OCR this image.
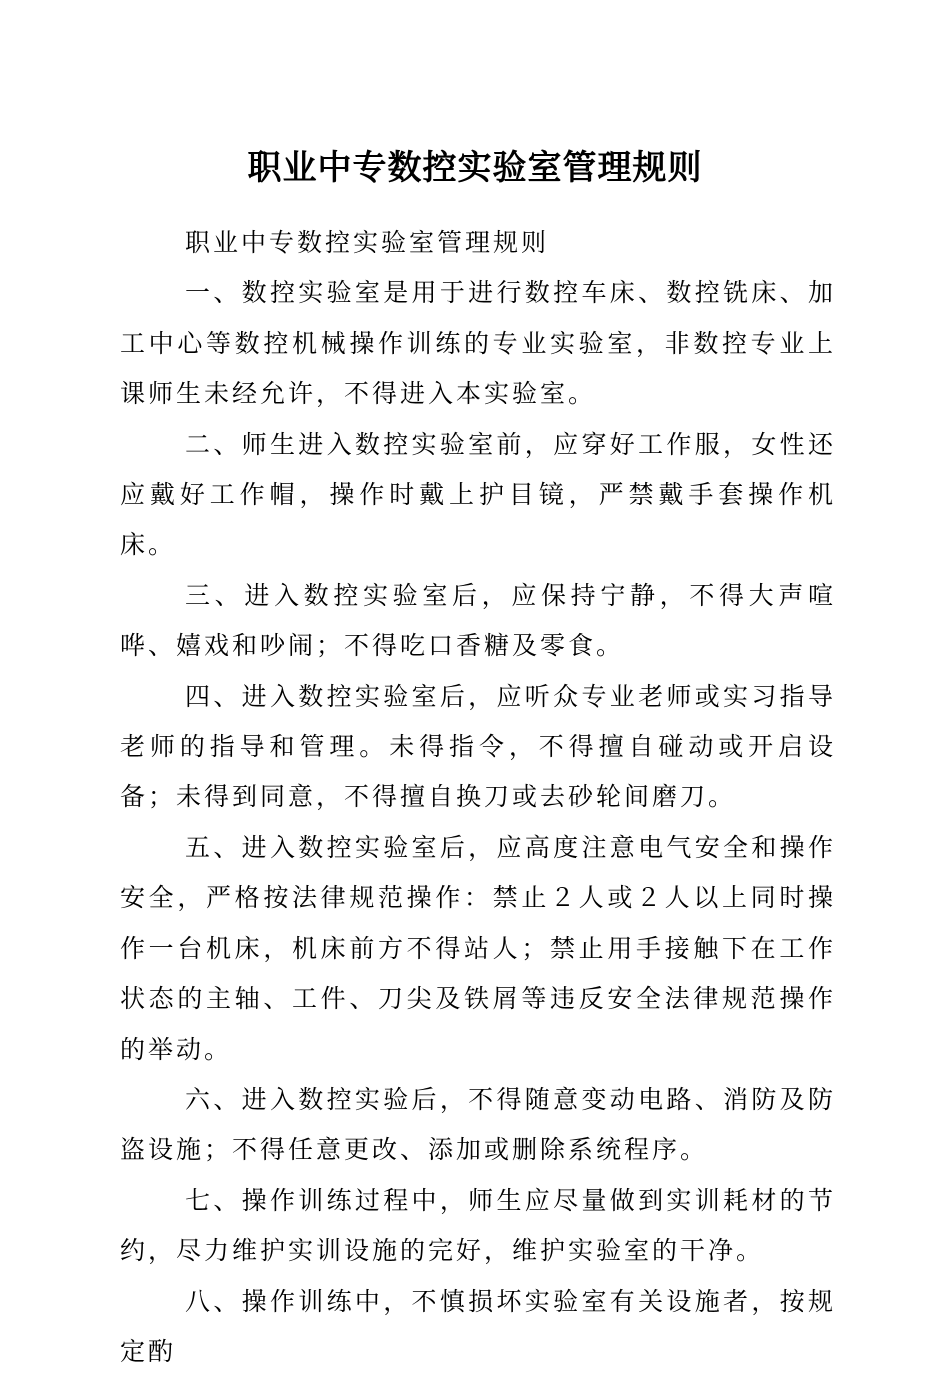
职业中专数控实验室管理规则

职业中专数控实验室管理规则

一、数控实验室是用于进行数控车床、数控铣床、加工中心等数控机械操作训练的专业实验室，非数控专业上课师生未经允许，不得进入本实验室。

二、师生进入数控实验室前，应穿好工作服，女性还应戴好工作帽，操作时戴上护目镜，严禁戴手套操作机床。

三、进入数控实验室后，应保持宁静，不得大声喧哗、嬉戏和吵闹；不得吃口香糖及零食。

四、进入数控实验室后，应听众专业老师或实习指导老师的指导和管理。未得指令，不得擅自碰动或开启设备；未得到同意，不得擅自换刀或去砂轮间磨刀。

五、进入数控实验室后，应高度注意电气安全和操作安全，严格按法律规范操作：禁止２人或２人以上同时操作一台机床，机床前方不得站人；禁止用手接触下在工作状态的主轴、工件、刀尖及铁屑等违反安全法律规范操作的举动。

六、进入数控实验后，不得随意变动电路、消防及防盗设施；不得任意更改、添加或删除系统程序。

七、操作训练过程中，师生应尽量做到实训耗材的节约，尽力维护实训设施的完好，维护实验室的干净。

八、操作训练中，不慎损坏实验室有关设施者，按规定酌
